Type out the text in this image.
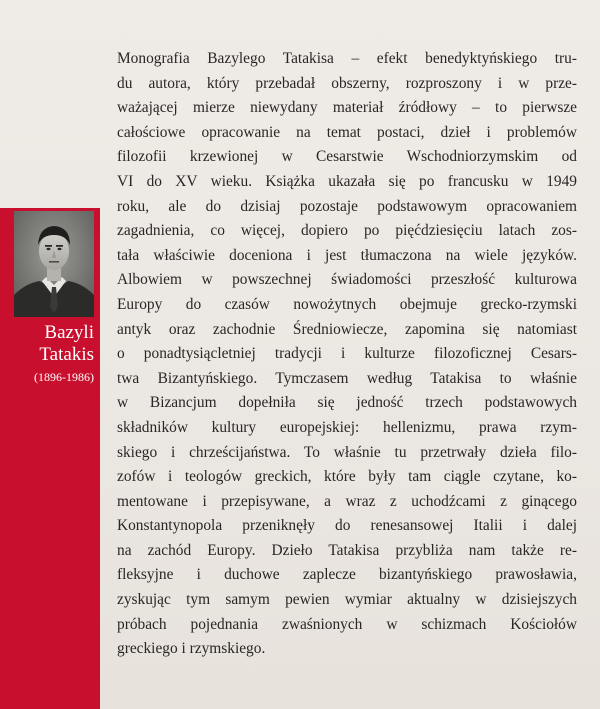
Bazyli
Tatakis
(1896-1986)
Monografia Bazylego Tatakisa – efekt benedyktyńskiego tru-
du autora, który przebadał obszerny, rozproszony i w prze-
ważającej mierze niewydany materiał źródłowy – to pierwsze
całościowe opracowanie na temat postaci, dzieł i problemów
filozofii krzewionej w Cesarstwie Wschodniorzymskim od
VI do XV wieku. Książka ukazała się po francusku w 1949
roku, ale do dzisiaj pozostaje podstawowym opracowaniem
zagadnienia, co więcej, dopiero po pięćdziesięciu latach zos-
tała właściwie doceniona i jest tłumaczona na wiele języków.
Albowiem w powszechnej świadomości przeszłość kulturowa
Europy do czasów nowożytnych obejmuje grecko-rzymski
antyk oraz zachodnie Średniowiecze, zapomina się natomiast
o ponadtysiącletniej tradycji i kulturze filozoficznej Cesars-
twa Bizantyńskiego. Tymczasem według Tatakisa to właśnie
w Bizancjum dopełniła się jedność trzech podstawowych
składników kultury europejskiej: hellenizmu, prawa rzym-
skiego i chrześcijaństwa. To właśnie tu przetrwały dzieła filo-
zofów i teologów greckich, które były tam ciągle czytane, ko-
mentowane i przepisywane, a wraz z uchodźcami z ginącego
Konstantynopola przeniknęły do renesansowej Italii i dalej
na zachód Europy. Dzieło Tatakisa przybliża nam także re-
fleksyjne i duchowe zaplecze bizantyńskiego prawosławia,
zyskując tym samym pewien wymiar aktualny w dzisiejszych
próbach pojednania zwaśnionych w schizmach Kościołów
greckiego i rzymskiego.
